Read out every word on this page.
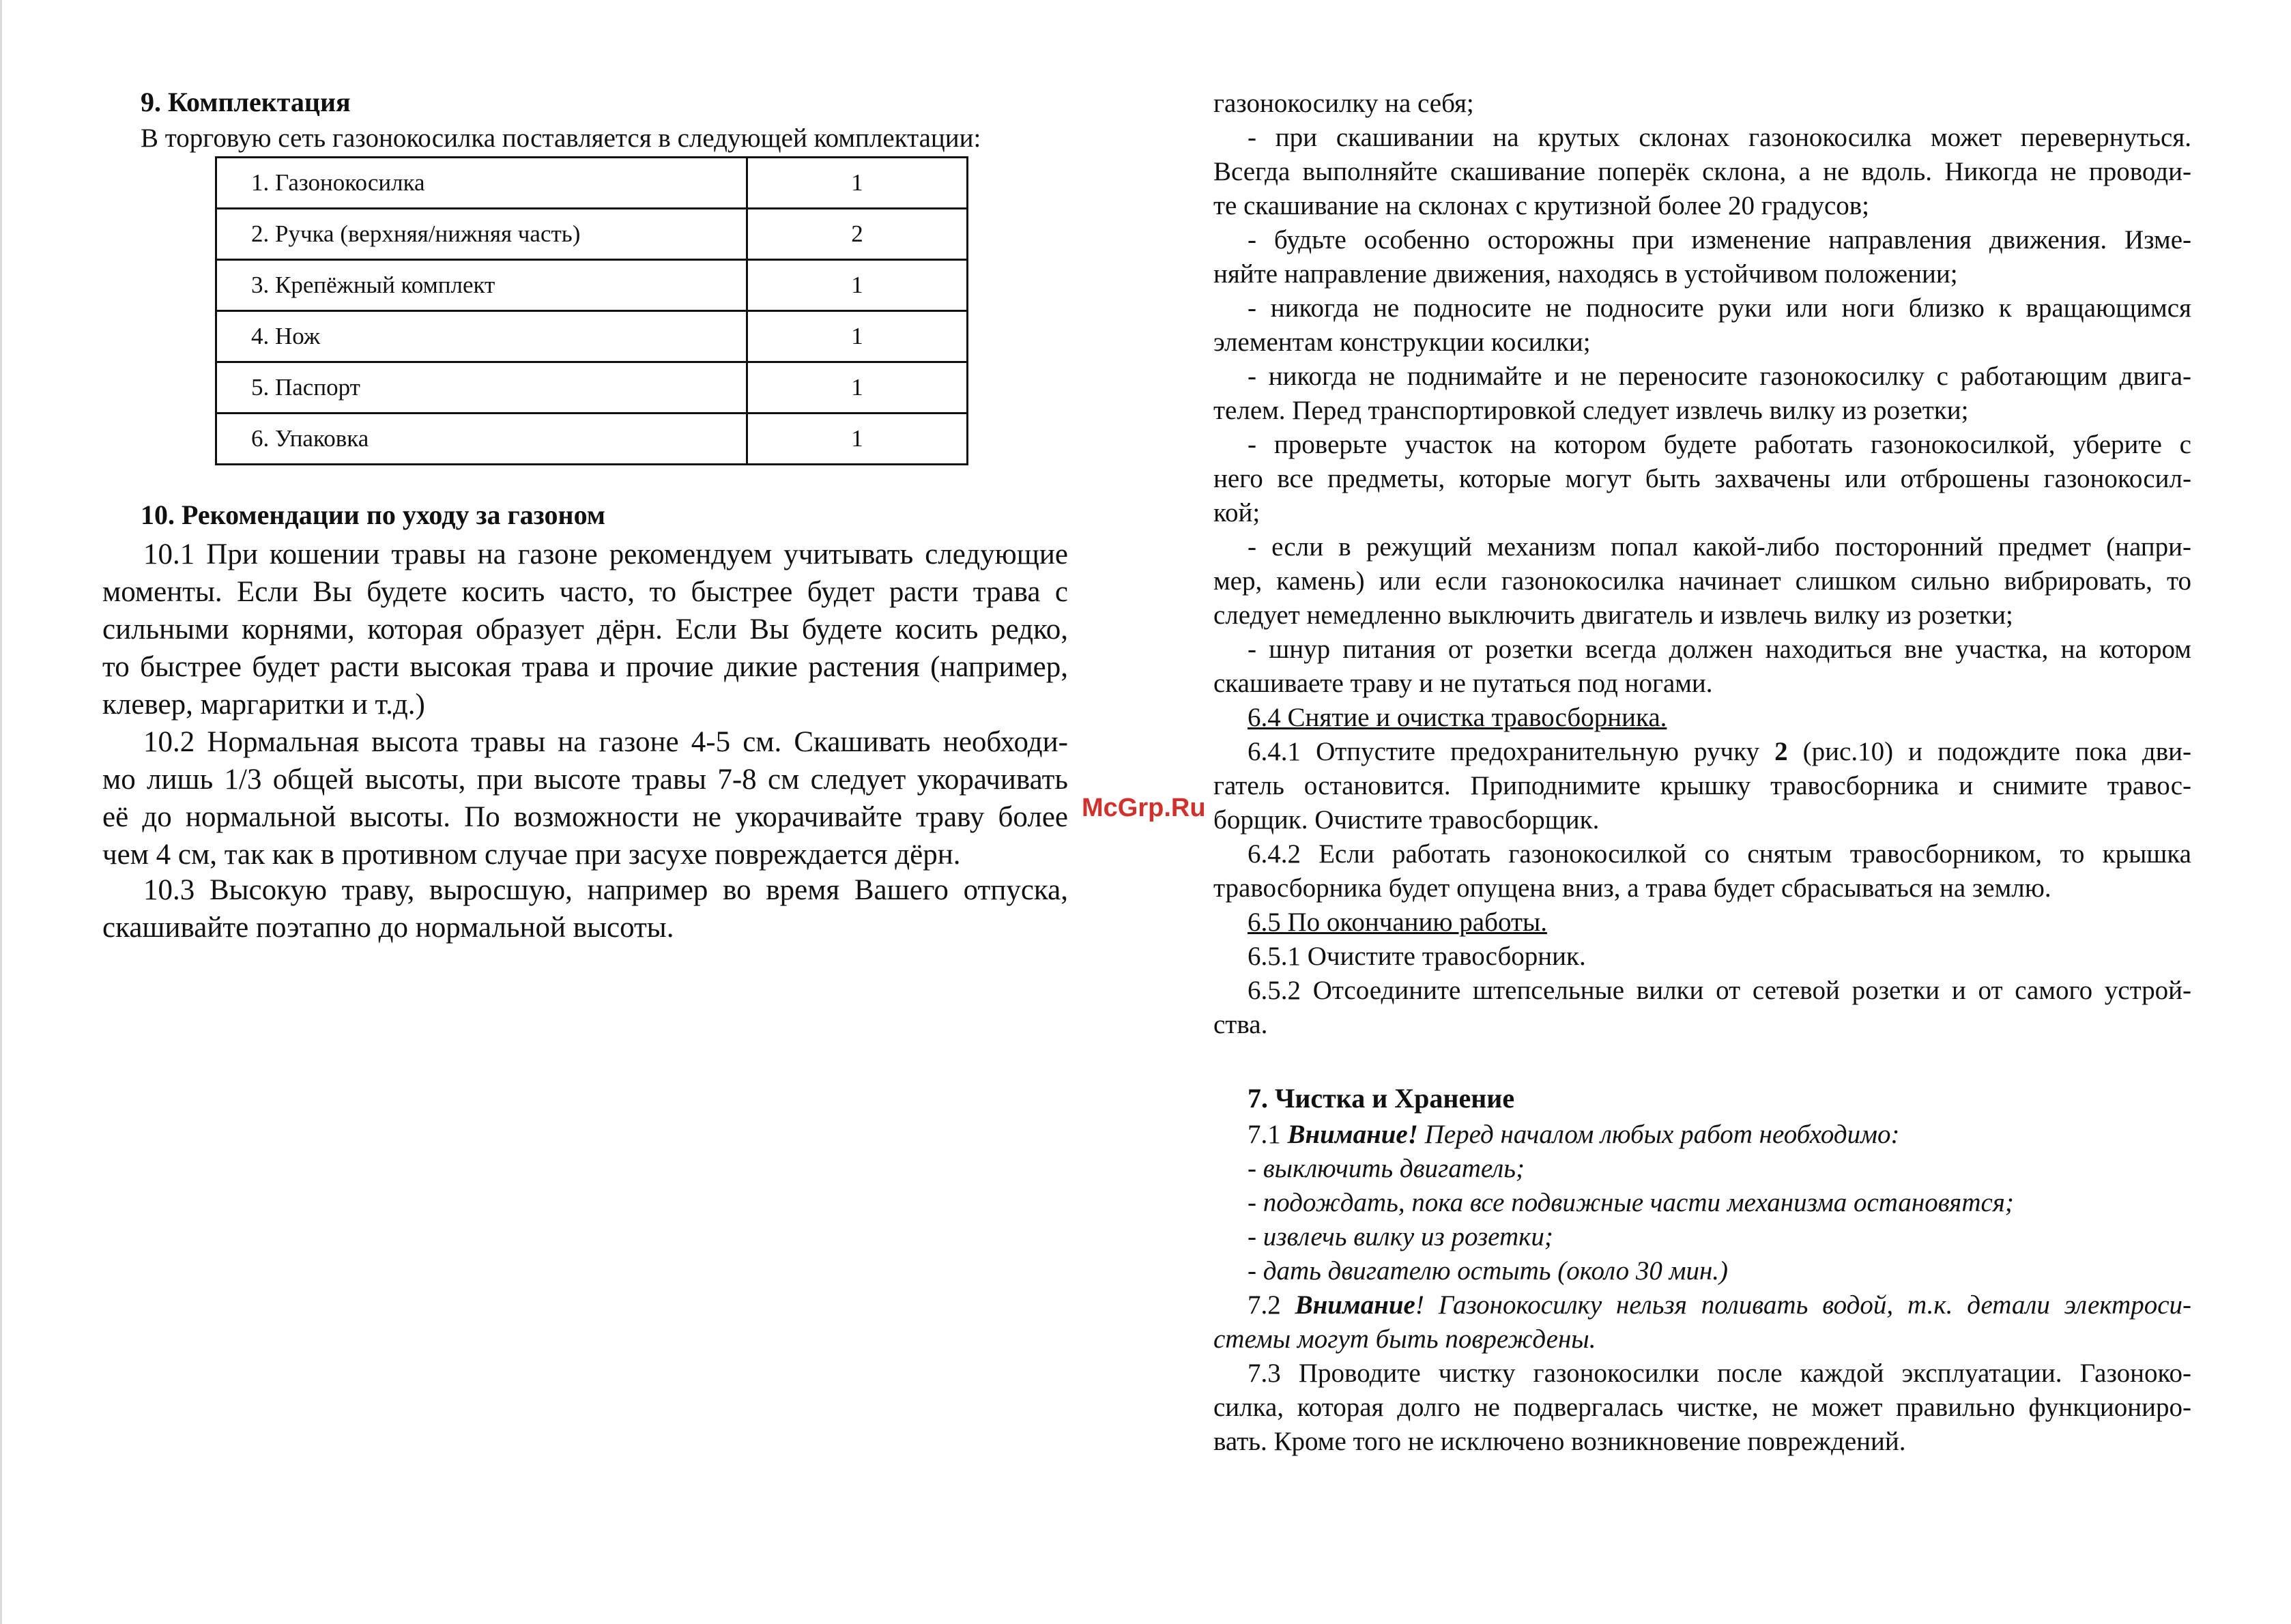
9. Комплектация
В торговую сеть газонокосилка поставляется в следующей комплектации:
1. Газонокосилка	1
2. Ручка (верхняя/нижняя часть)	2
3. Крепёжный комплект	1
4. Нож	1
5. Паспорт	1
6. Упаковка	1
10. Рекомендации по уходу за газоном
10.1 При кошении травы на газоне рекомендуем учитывать следующие
моменты. Если Вы будете косить часто, то быстрее будет расти трава с
сильными корнями, которая образует дёрн. Если Вы будете косить редко,
то быстрее будет расти высокая трава и прочие дикие растения (например,
клевер, маргаритки и т.д.)
10.2 Нормальная высота травы на газоне 4-5 см. Скашивать необходи-
мо лишь 1/3 общей высоты, при высоте травы 7-8 см следует укорачивать
её до нормальной высоты. По возможности не укорачивайте траву более
чем 4 см, так как в противном случае при засухе повреждается дёрн.
10.3 Высокую траву, выросшую, например во время Вашего отпуска,
скашивайте поэтапно до нормальной высоты.
McGrp.Ru
газонокосилку на себя;
- при скашивании на крутых склонах газонокосилка может перевернуться.
Всегда выполняйте скашивание поперёк склона, а не вдоль. Никогда не проводи-
те скашивание на склонах с крутизной более 20 градусов;
- будьте особенно осторожны при изменение направления движения. Изме-
няйте направление движения, находясь в устойчивом положении;
- никогда не подносите не подносите руки или ноги близко к вращающимся
элементам конструкции косилки;
- никогда не поднимайте и не переносите газонокосилку с работающим двига-
телем. Перед транспортировкой следует извлечь вилку из розетки;
- проверьте участок на котором будете работать газонокосилкой, уберите с
него все предметы, которые могут быть захвачены или отброшены газонокосил-
кой;
- если в режущий механизм попал какой-либо посторонний предмет (напри-
мер, камень) или если газонокосилка начинает слишком сильно вибрировать, то
следует немедленно выключить двигатель и извлечь вилку из розетки;
- шнур питания от розетки всегда должен находиться вне участка, на котором
скашиваете траву и не путаться под ногами.
6.4 Снятие и очистка травосборника.
6.4.1 Отпустите предохранительную ручку 2 (рис.10) и подождите пока дви-
гатель остановится. Приподнимите крышку травосборника и снимите травос-
борщик. Очистите травосборщик.
6.4.2 Если работать газонокосилкой со снятым травосборником, то крышка
травосборника будет опущена вниз, а трава будет сбрасываться на землю.
6.5 По окончанию работы.
6.5.1 Очистите травосборник.
6.5.2 Отсоедините штепсельные вилки от сетевой розетки и от самого устрой-
ства.
7. Чистка и Хранение
7.1 Внимание! Перед началом любых работ необходимо:
- выключить двигатель;
- подождать, пока все подвижные части механизма остановятся;
- извлечь вилку из розетки;
- дать двигателю остыть (около 30 мин.)
7.2 Внимание! Газонокосилку нельзя поливать водой, т.к. детали электроси-
стемы могут быть повреждены.
7.3 Проводите чистку газонокосилки после каждой эксплуатации. Газоноко-
силка, которая долго не подвергалась чистке, не может правильно функциониро-
вать. Кроме того не исключено возникновение повреждений.
